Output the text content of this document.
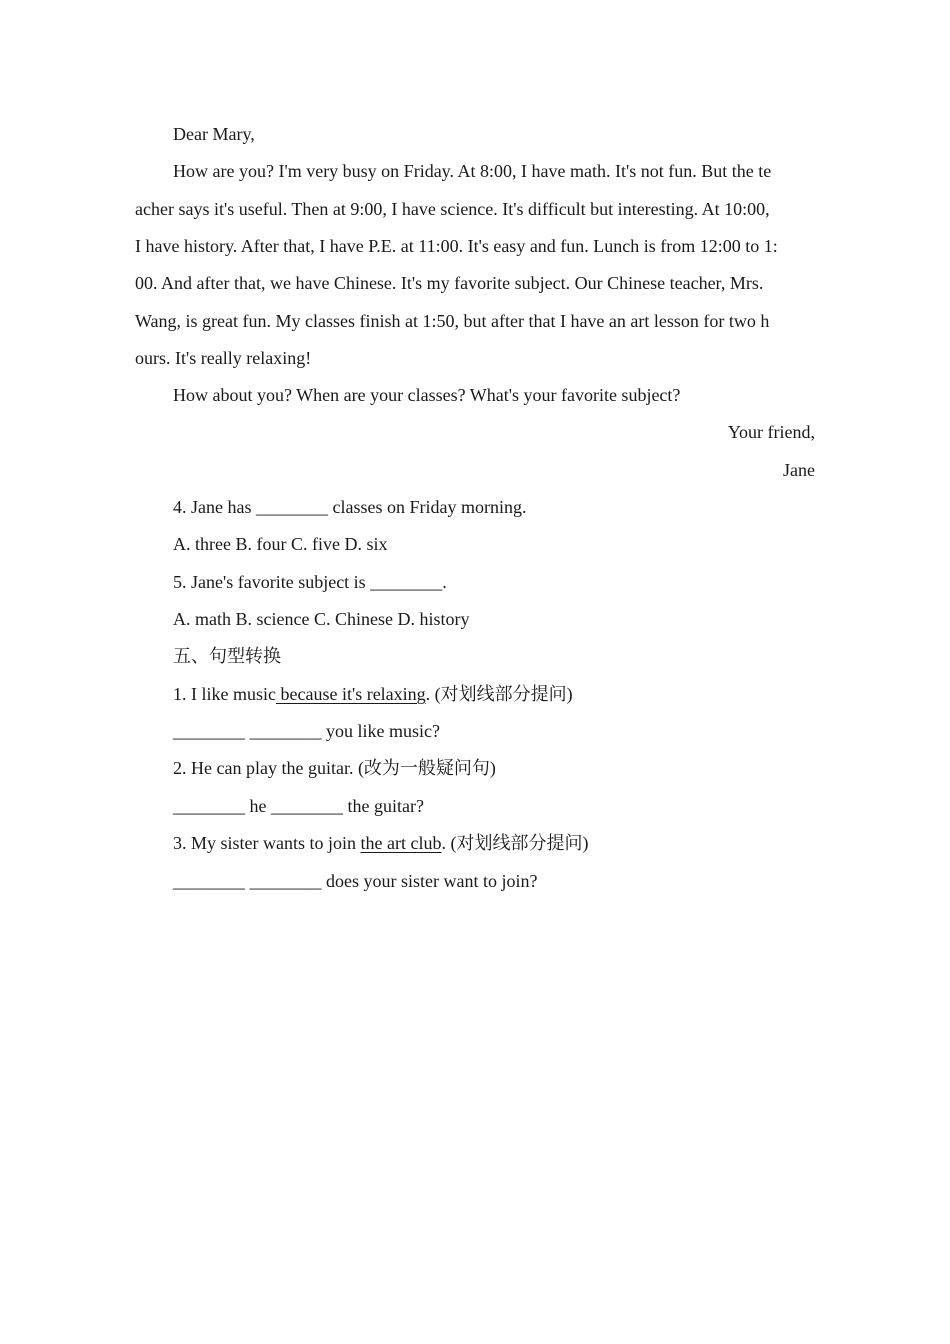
Dear Mary,
How are you? I'm very busy on Friday. At 8:00, I have math. It's not fun. But the te
acher says it's useful. Then at 9:00, I have science. It's difficult but interesting. At 10:00,
I have history. After that, I have P.E. at 11:00. It's easy and fun. Lunch is from 12:00 to 1:
00. And after that, we have Chinese. It's my favorite subject. Our Chinese teacher, Mrs.
Wang, is great fun. My classes finish at 1:50, but after that I have an art lesson for two h
ours. It's really relaxing!
How about you? When are your classes? What's your favorite subject?
Your friend,
Jane
4. Jane has ________ classes on Friday morning.
A. three B. four C. five D. six
5. Jane's favorite subject is ________.
A. math B. science C. Chinese D. history
五、句型转换
1. I like music because it's relaxing. (对划线部分提问)
________ ________ you like music?
2. He can play the guitar. (改为一般疑问句)
________ he ________ the guitar?
3. My sister wants to join the art club. (对划线部分提问)
________ ________ does your sister want to join?
